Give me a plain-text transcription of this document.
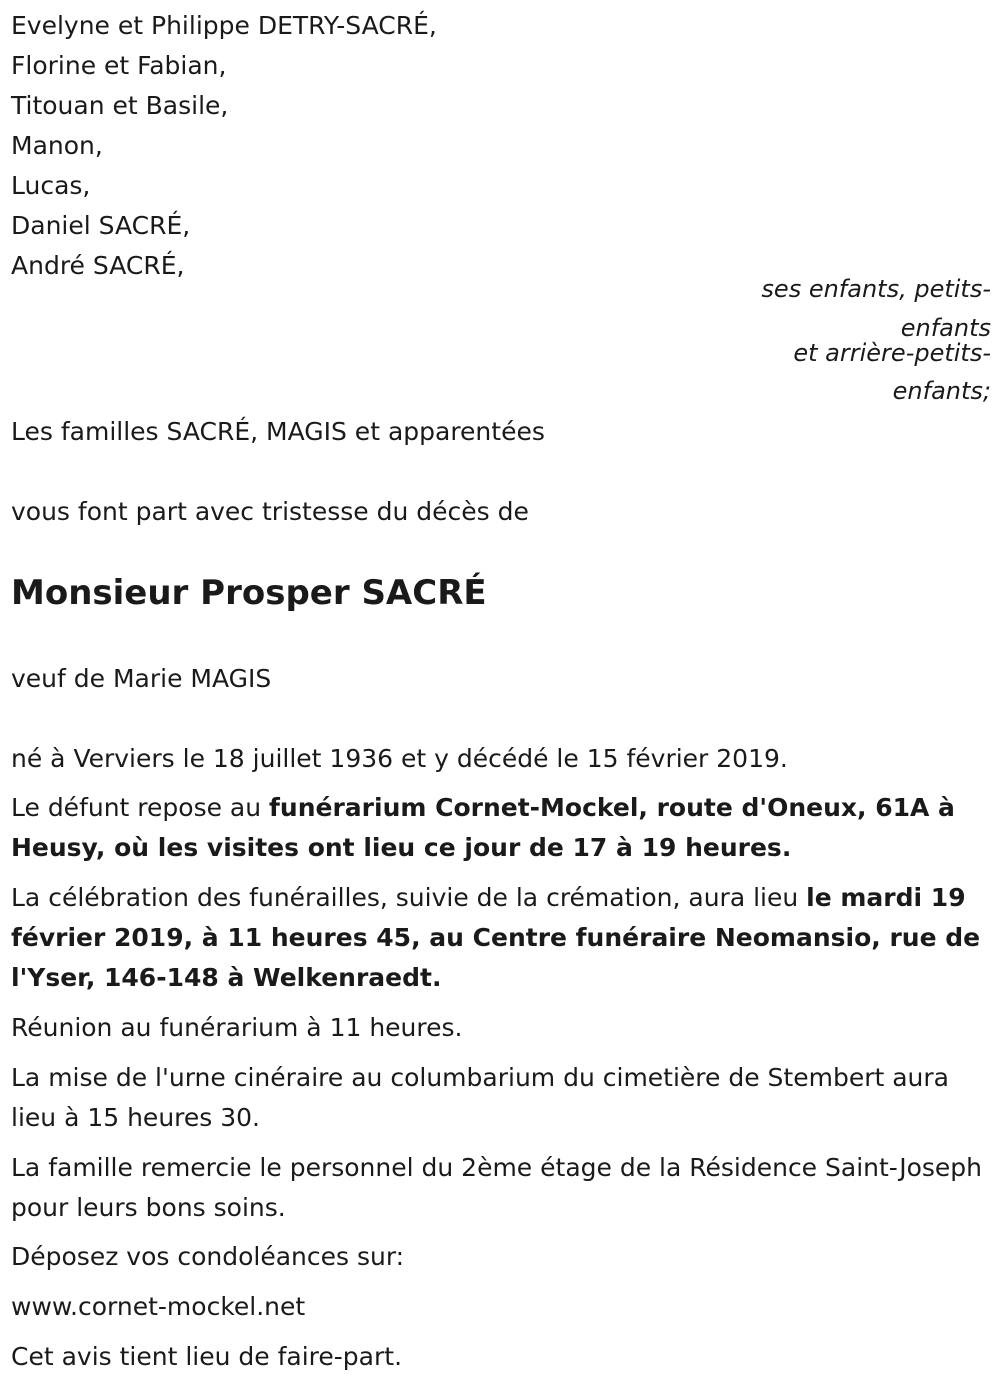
Evelyne et Philippe DETRY-SACRÉ,
Florine et Fabian,
Titouan et Basile,
Manon,
Lucas,
Daniel SACRÉ,
André SACRÉ,
ses enfants, petits-
enfants
et arrière-petits-
enfants;
Les familles SACRÉ, MAGIS et apparentées
vous font part avec tristesse du décès de
Monsieur Prosper SACRÉ
veuf de Marie MAGIS
né à Verviers le 18 juillet 1936 et y décédé le 15 février 2019.
Le défunt repose au funérarium Cornet-Mockel, route d'Oneux, 61A à Heusy, où les visites ont lieu ce jour de 17 à 19 heures.
La célébration des funérailles, suivie de la crémation, aura lieu le mardi 19 février 2019, à 11 heures 45, au Centre funéraire Neomansio, rue de l'Yser, 146-148 à Welkenraedt.
Réunion au funérarium à 11 heures.
La mise de l'urne cinéraire au columbarium du cimetière de Stembert aura lieu à 15 heures 30.
La famille remercie le personnel du 2ème étage de la Résidence Saint-Joseph pour leurs bons soins.
Déposez vos condoléances sur:
www.cornet-mockel.net
Cet avis tient lieu de faire-part.
